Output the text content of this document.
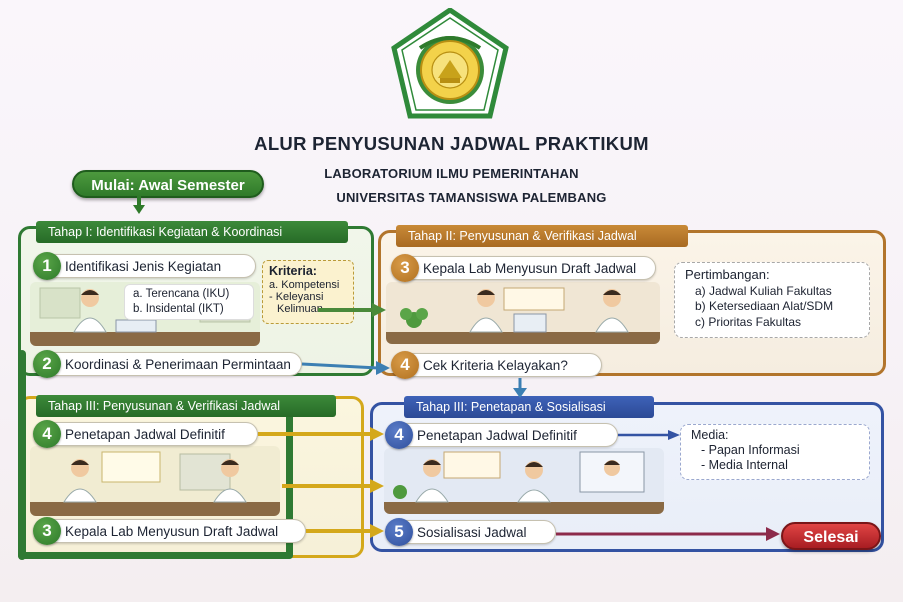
ALUR PENYUSUNAN JADWAL PRAKTIKUM
LABORATORIUM ILMU PEMERINTAHAN
UNIVERSITAS TAMANSISWA PALEMBANG
Mulai: Awal Semester
Tahap I: Identifikasi Kegiatan & Koordinasi	Tahap II: Penyusunan & Verifikasi Jadwal
Tahap III: Penyusunan & Verifikasi Jadwal	Tahap III: Penetapan & Sosialisasi
1 Identifikasi Jenis Kegiatan
a. Terencana (IKU)
b. Insidental (IKT)
Kriteria:
a. Kompetensi
- Keleyansi
Kelimuan
2 Koordinasi & Penerimaan Permintaan
3 Kepala Lab Menyusun Draft Jadwal	Pertimbangan:
a) Jadwal Kuliah Fakultas
b) Ketersediaan Alat/SDM
c) Prioritas Fakultas
4 Cek Kriteria Kelayakan?
4 Penetapan Jadwal Definitif
3 Kepala Lab Menyusun Draft Jadwal
4 Penetapan Jadwal Definitif	Media:
- Papan Informasi
- Media Internal
5 Sosialisasi Jadwal	Selesai
